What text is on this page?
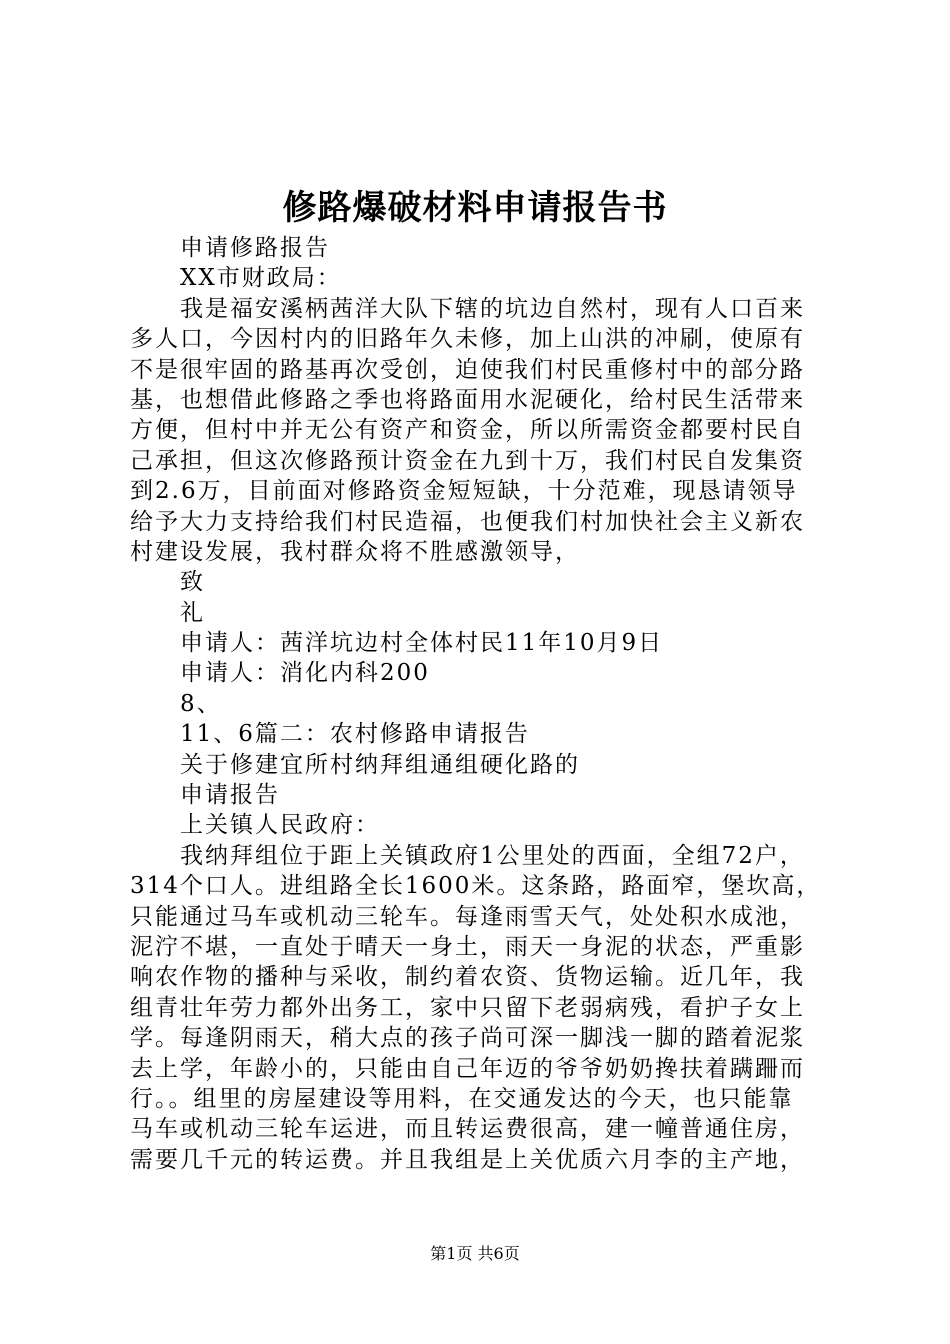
修路爆破材料申请报告书
申请修路报告
XX市财政局：
我是福安溪柄茜洋大队下辖的坑边自然村，现有人口百来
多人口，今因村内的旧路年久未修，加上山洪的冲刷，使原有
不是很牢固的路基再次受创，迫使我们村民重修村中的部分路
基，也想借此修路之季也将路面用水泥硬化，给村民生活带来
方便，但村中并无公有资产和资金，所以所需资金都要村民自
己承担，但这次修路预计资金在九到十万，我们村民自发集资
到2.6万，目前面对修路资金短短缺，十分范难，现恳请领导
给予大力支持给我们村民造福，也便我们村加快社会主义新农
村建设发展，我村群众将不胜感激领导，
致
礼
申请人：茜洋坑边村全体村民11年10月9日
申请人：消化内科200
8、
11、6篇二：农村修路申请报告
关于修建宜所村纳拜组通组硬化路的
申请报告
上关镇人民政府：
我纳拜组位于距上关镇政府1公里处的西面，全组72户，
314个口人。进组路全长1600米。这条路，路面窄，堡坎高，
只能通过马车或机动三轮车。每逢雨雪天气，处处积水成池，
泥泞不堪，一直处于晴天一身土，雨天一身泥的状态，严重影
响农作物的播种与采收，制约着农资、货物运输。近几年，我
组青壮年劳力都外出务工，家中只留下老弱病残，看护子女上
学。每逢阴雨天，稍大点的孩子尚可深一脚浅一脚的踏着泥浆
去上学，年龄小的，只能由自己年迈的爷爷奶奶搀扶着蹒跚而
行。。组里的房屋建设等用料，在交通发达的今天，也只能靠
马车或机动三轮车运进，而且转运费很高，建一幢普通住房，
需要几千元的转运费。并且我组是上关优质六月李的主产地，
第1页 共6页
